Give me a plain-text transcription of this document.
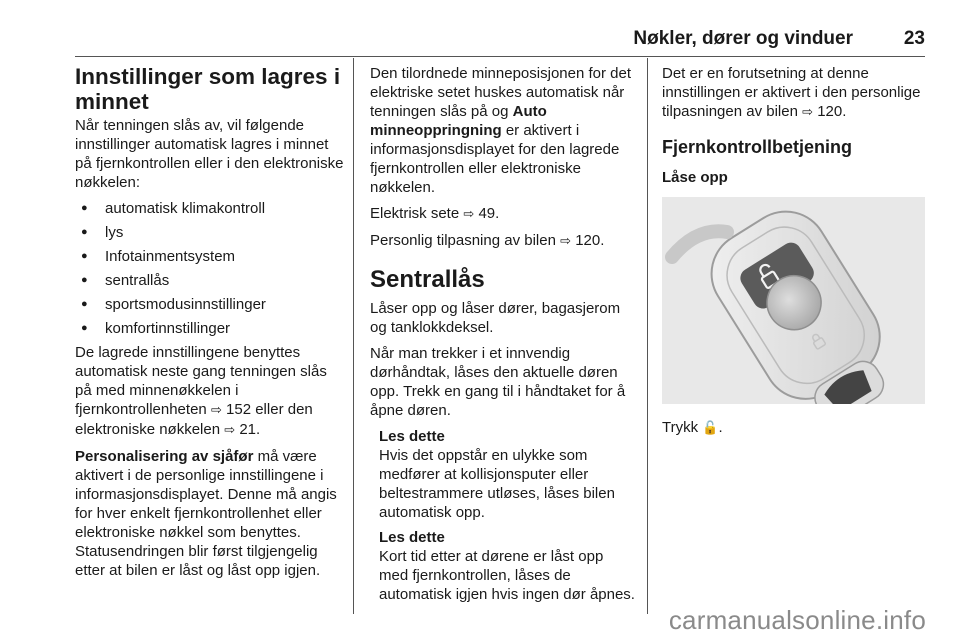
Nøkler, dører og vinduer	23
Innstillinger som lagres i minnet

Når tenningen slås av, vil følgende innstillinger automatisk lagres i minnet på fjernkontrollen eller i den elektroniske nøkkelen:

● automatisk klimakontroll
● lys
● Infotainmentsystem
● sentrallås
● sportsmodusinnstillinger
● komfortinnstillinger

De lagrede innstillingene benyttes automatisk neste gang tenningen slås på med minnenøkkelen i fjernkontrollenheten ⇨ 152 eller den elektroniske nøkkelen ⇨ 21.

Personalisering av sjåfør må være aktivert i de personlige innstillingene i informasjonsdisplayet. Denne må angis for hver enkelt fjernkontrollenhet eller elektroniske nøkkel som benyttes. Statusendringen blir først tilgjengelig etter at bilen er låst og låst opp igjen.

Den tilordnede minneposisjonen for det elektriske setet huskes automatisk når tenningen slås på og Auto minneoppringning er aktivert i informasjonsdisplayet for den lagrede fjernkontrollen eller elektroniske nøkkelen.

Elektrisk sete ⇨ 49.

Personlig tilpasning av bilen ⇨ 120.

Sentrallås

Låser opp og låser dører, bagasjerom og tanklokkdeksel.

Når man trekker i et innvendig dørhåndtak, låses den aktuelle døren opp. Trekk en gang til i håndtaket for å åpne døren.

Les dette
Hvis det oppstår en ulykke som medfører at kollisjonsputer eller beltestrammere utløses, låses bilen automatisk opp.
Les dette
Kort tid etter at dørene er låst opp med fjernkontrollen, låses de automatisk igjen hvis ingen dør åpnes.

Det er en forutsetning at denne innstillingen er aktivert i den personlige tilpasningen av bilen ⇨ 120.

Fjernkontrollbetjening
Låse opp

Trykk 🔓.

carmanualsonline.info
